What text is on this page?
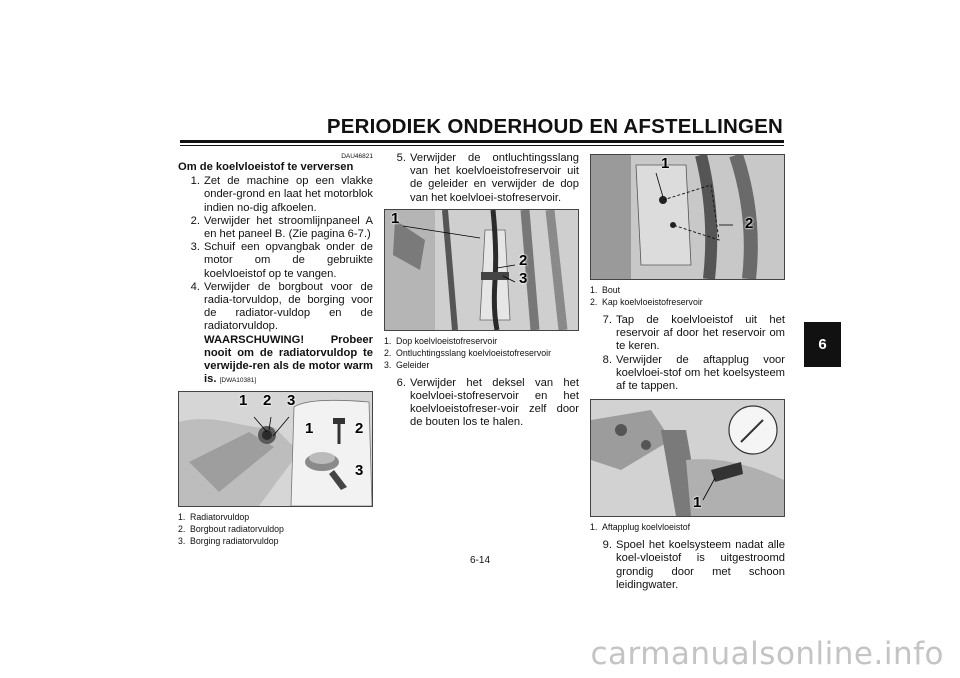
PERIODIEK ONDERHOUD EN AFSTELLINGEN
6
DAU46821
Om de koelvloeistof te verversen
1. Zet de machine op een vlakke onder-grond en laat het motorblok indien no-dig afkoelen.
2. Verwijder het stroomlijnpaneel A en het paneel B. (Zie pagina 6-7.)
3. Schuif een opvangbak onder de motor om de gebruikte koelvloeistof op te vangen.
4. Verwijder de borgbout voor de radia-torvuldop, de borging voor de radiator-vuldop en de radiatorvuldop. WAARSCHUWING! Probeer nooit om de radiatorvuldop te verwijde-ren als de motor warm is. [DWA10381]
1 2 3
1	2
3
1. Radiatorvuldop
2. Borgbout radiatorvuldop
3. Borging radiatorvuldop
5. Verwijder de ontluchtingsslang van het koelvloeistofreservoir uit de geleider en verwijder de dop van het koelvloei-stofreservoir.
1
2
3
1. Dop koelvloeistofreservoir
2. Ontluchtingsslang koelvloeistofreservoir
3. Geleider
6. Verwijder het deksel van het koelvloei-stofreservoir en het koelvloeistofreser-voir zelf door de bouten los te halen.
1
2
1. Bout
2. Kap koelvloeistofreservoir
7. Tap de koelvloeistof uit het reservoir af door het reservoir om te keren.
8. Verwijder de aftapplug voor koelvloei-stof om het koelsysteem af te tappen.
1
1. Aftapplug koelvloeistof
9. Spoel het koelsysteem nadat alle koel-vloeistof is uitgestroomd grondig door met schoon leidingwater.
6-14
carmanualsonline.info
